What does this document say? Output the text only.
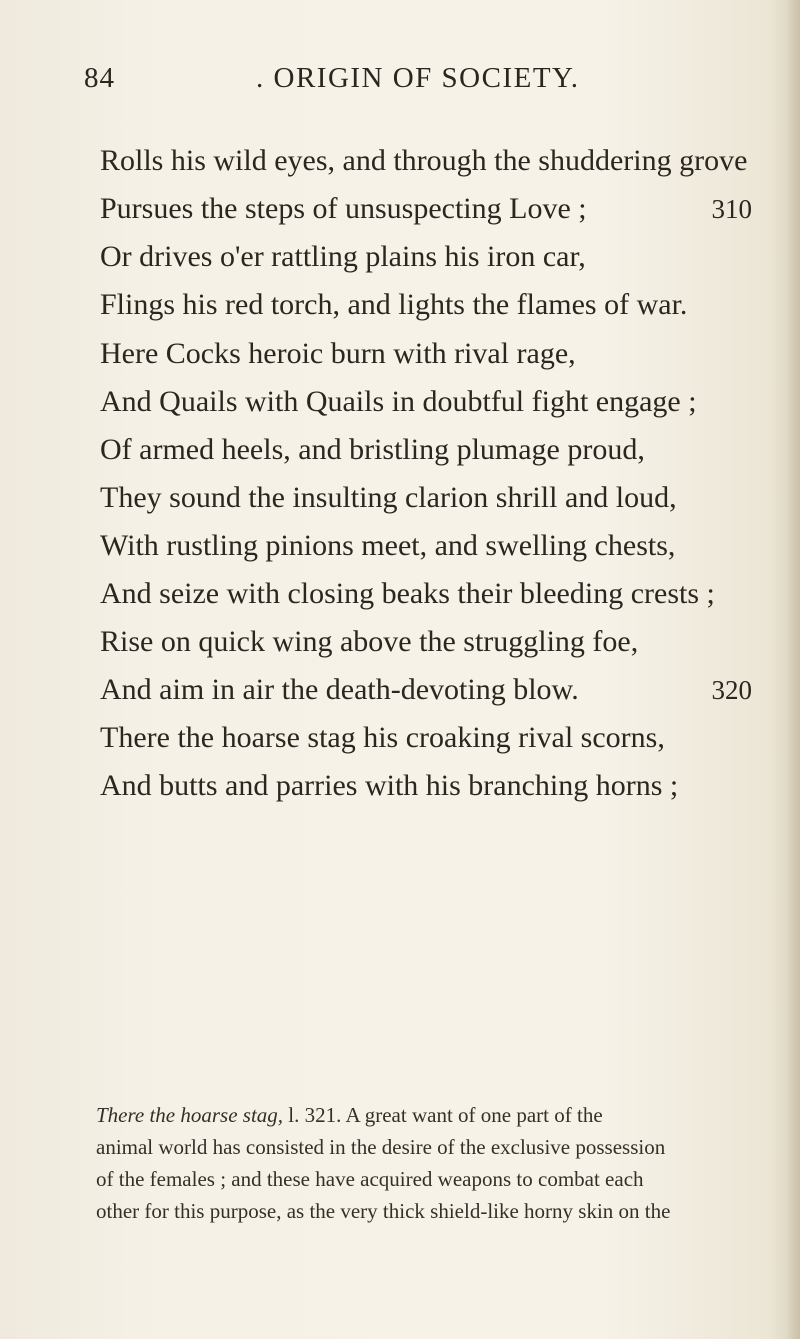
84	. ORIGIN OF SOCIETY.
Rolls his wild eyes, and through the shuddering grove
Pursues the steps of unsuspecting Love ;	310
Or drives o'er rattling plains his iron car,
Flings his red torch, and lights the flames of war.
Here Cocks heroic burn with rival rage,
And Quails with Quails in doubtful fight engage ;
Of armed heels, and bristling plumage proud,
They sound the insulting clarion shrill and loud,
With rustling pinions meet, and swelling chests,
And seize with closing beaks their bleeding crests ;
Rise on quick wing above the struggling foe,
And aim in air the death-devoting blow.	320
There the hoarse stag his croaking rival scorns,
And butts and parries with his branching horns ;
There the hoarse stag, l. 321. A great want of one part of the
animal world has consisted in the desire of the exclusive possession
of the females ; and these have acquired weapons to combat each
other for this purpose, as the very thick shield-like horny skin on the
